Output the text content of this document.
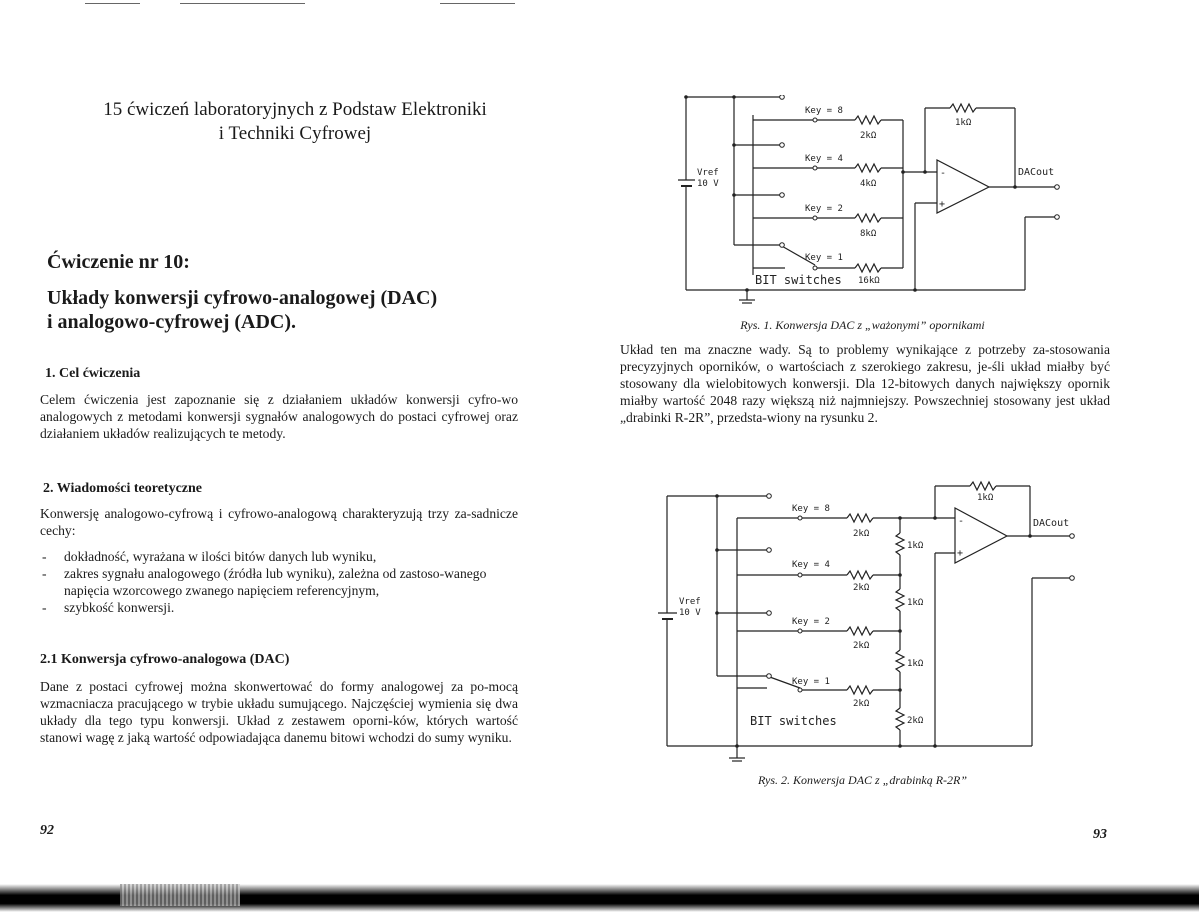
15 ćwiczeń laboratoryjnych z Podstaw Elektroniki
i Techniki Cyfrowej
Ćwiczenie nr 10:
Układy konwersji cyfrowo-analogowej (DAC)
i analogowo-cyfrowej (ADC).
1. Cel ćwiczenia
Celem ćwiczenia jest zapoznanie się z działaniem układów konwersji cyfro-wo analogowych z metodami konwersji sygnałów analogowych do postaci cyfrowej oraz działaniem układów realizujących te metody.
2. Wiadomości teoretyczne
Konwersję analogowo-cyfrową i cyfrowo-analogową charakteryzują trzy za-sadnicze cechy:
- dokładność, wyrażana w ilości bitów danych lub wyniku,
- zakres sygnału analogowego (źródła lub wyniku), zależna od zastoso-wanego napięcia wzorcowego zwanego napięciem referencyjnym,
- szybkość konwersji.
2.1 Konwersja cyfrowo-analogowa (DAC)
Dane z postaci cyfrowej można skonwertować do formy analogowej za po-mocą wzmacniacza pracującego w trybie układu sumującego. Najczęściej wymienia się dwa układy dla tego typu konwersji. Układ z zestawem oporni-ków, których wartość stanowi wagę z jaką wartość odpowiadająca danemu bitowi wchodzi do sumy wyniku.
92
Vref
10 V
Key = 8
Key = 4
Key = 2
Key = 1
2kΩ
4kΩ
8kΩ
16kΩ
1kΩ
DACout
BIT switches
-
+
Rys. 1. Konwersja DAC z „ważonymi” opornikami
Układ ten ma znaczne wady. Są to problemy wynikające z potrzeby za-stosowania precyzyjnych oporników, o wartościach z szerokiego zakresu, je-śli układ miałby być stosowany dla wielobitowych konwersji. Dla 12-bitowych danych największy opornik miałby wartość 2048 razy większą niż najmniejszy. Powszechniej stosowany jest układ „drabinki R-2R”, przedsta-wiony na rysunku 2.
Vref
10 V
Key = 8
Key = 4
Key = 2
Key = 1
2kΩ
2kΩ
2kΩ
2kΩ
1kΩ
1kΩ
1kΩ
2kΩ
1kΩ
DACout
BIT switches
-
+
Rys. 2. Konwersja DAC z „drabinką R-2R”
93
